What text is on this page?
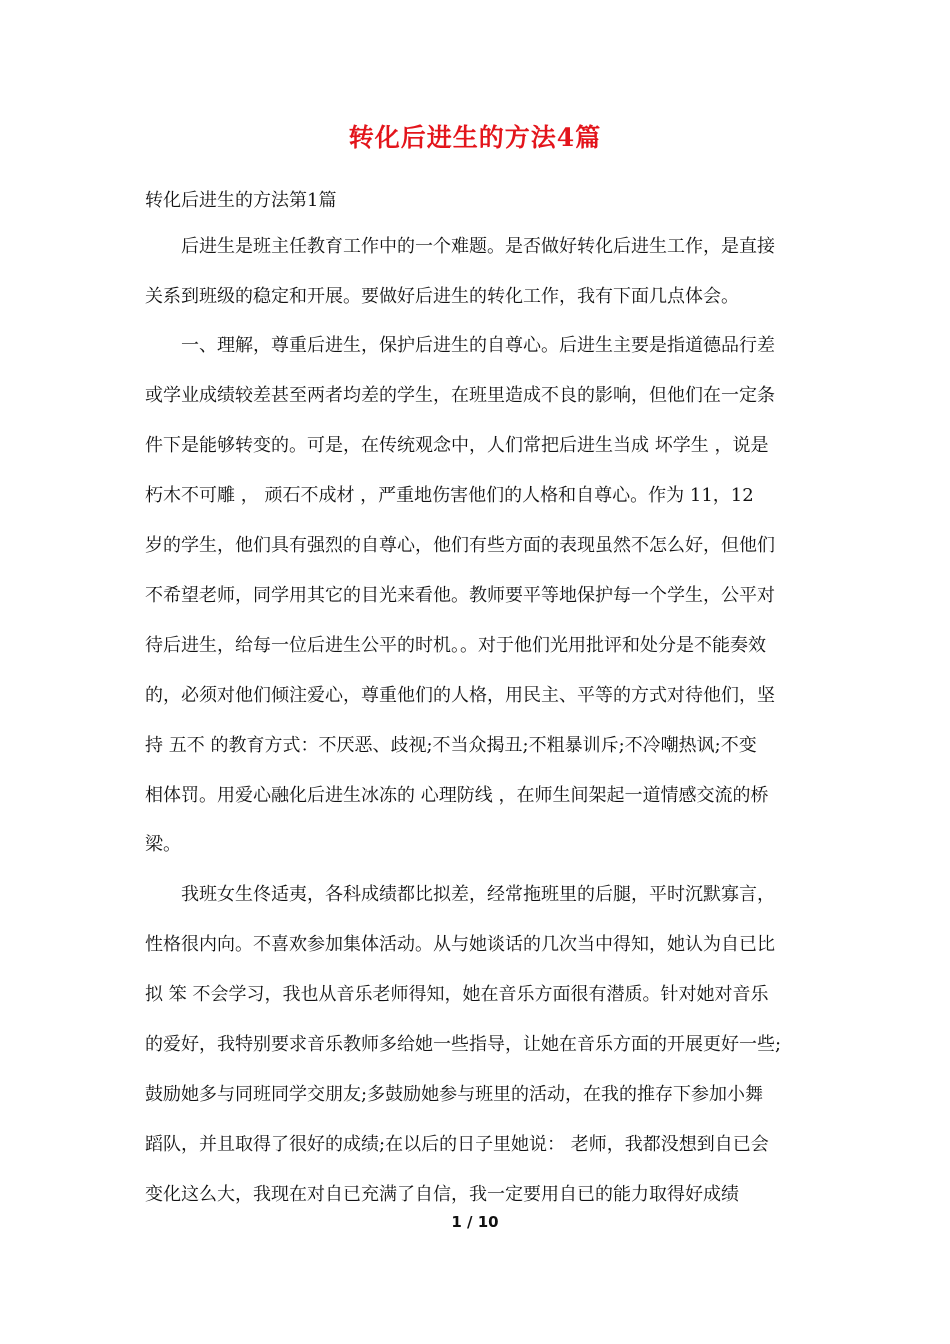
转化后进生的方法4篇

转化后进生的方法第1篇

　　后进生是班主任教育工作中的一个难题。是否做好转化后进生工作，是直接

关系到班级的稳定和开展。要做好后进生的转化工作，我有下面几点体会。

　　一、理解，尊重后进生，保护后进生的自尊心。后进生主要是指道德品行差

或学业成绩较差甚至两者均差的学生，在班里造成不良的影响，但他们在一定条

件下是能够转变的。可是，在传统观念中，人们常把后进生当成 坏学生 ，说是

朽木不可雕 ， 顽石不成材 ，严重地伤害他们的人格和自尊心。作为 11，12

岁的学生，他们具有强烈的自尊心，他们有些方面的表现虽然不怎么好，但他们

不希望老师，同学用其它的目光来看他。教师要平等地保护每一个学生，公平对

待后进生，给每一位后进生公平的时机。。对于他们光用批评和处分是不能奏效

的，必须对他们倾注爱心，尊重他们的人格，用民主、平等的方式对待他们，坚

持 五不 的教育方式：不厌恶、歧视;不当众揭丑;不粗暴训斥;不冷嘲热讽;不变

相体罚。用爱心融化后进生冰冻的 心理防线 ，在师生间架起一道情感交流的桥

梁。

　　我班女生佟适夷，各科成绩都比拟差，经常拖班里的后腿，平时沉默寡言，

性格很内向。不喜欢参加集体活动。从与她谈话的几次当中得知，她认为自已比

拟 笨 不会学习，我也从音乐老师得知，她在音乐方面很有潜质。针对她对音乐

的爱好，我特别要求音乐教师多给她一些指导，让她在音乐方面的开展更好一些;

鼓励她多与同班同学交朋友;多鼓励她参与班里的活动，在我的推存下参加小舞

蹈队，并且取得了很好的成绩;在以后的日子里她说： 老师，我都没想到自已会

变化这么大，我现在对自已充满了自信，我一定要用自已的能力取得好成绩

1 / 10
